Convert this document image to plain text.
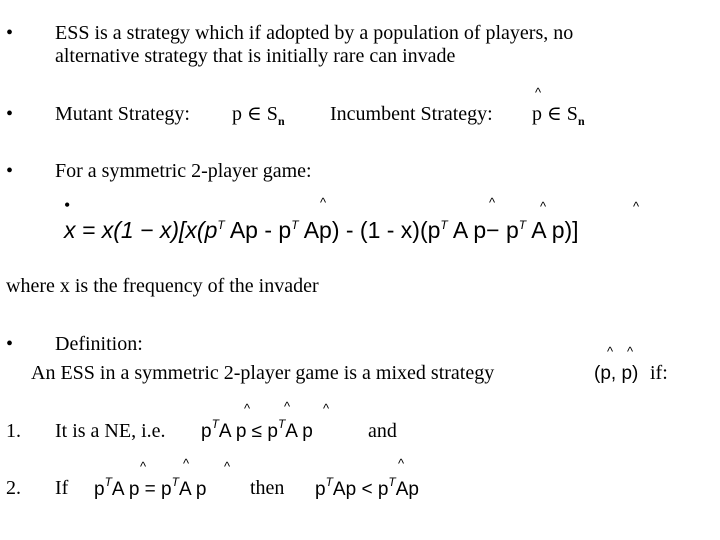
• ESS is a strategy which if adopted by a population of players, no
alternative strategy that is initially rare can invade
• Mutant Strategy: p ∈ $S_n$ Incumbent Strategy:
^
p ∈ $S_n$
• For a symmetric 2-player game:
•	^	^	^	^
$x = x(1 - x)[x(p^T$ Ap - $p^T$ $Ap) - (1 - x)(p^T$ A $p- p^T$ A p)]
where x is the frequency of the invader
• Definition:
An ESS in a symmetric 2-player game is a mixed strategy
^ ^
(p, p) if:
1. It is a NE, i.e.
^	^	^
$p^TA$ $p \le p^TA$ p	and
2. If
^	^	^
$p^TA$ $p = p^TA$ p then
^
$p^TAp < p^TAp$
